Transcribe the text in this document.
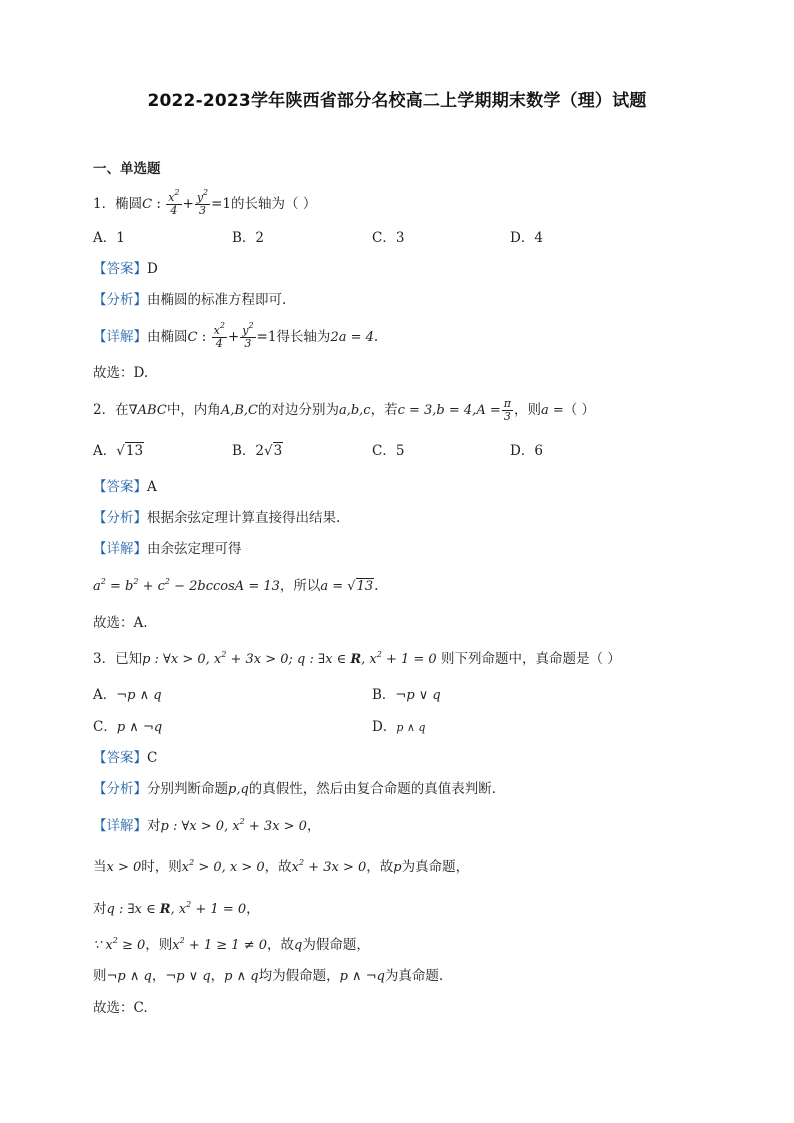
2022-2023学年陕西省部分名校高二上学期期末数学（理）试题
一、单选题
1．椭圆C : $\frac{x^2}{4} + \frac{y^2}{3} =1$的长轴为（ ）
A．1	B．2	C．3	D．4
【答案】D
【分析】由椭圆的标准方程即可.
【详解】由椭圆C : $\frac{x^2}{4} + \frac{y^2}{3} =1$得长轴为2a = 4.
故选：D.
2．在∇ABC中，内角A,B,C的对边分别为a,b,c，若$c = 3,b = 4,A = \frac{\pi}{3}$ ，则a =（ ）
A．√13	B．2√3	C．5	D．6
【答案】A
【分析】根据余弦定理计算直接得出结果.
【详解】由余弦定理可得
$a^2 = b^2 + c^2 - 2bccosA = 13$，所以a = √13.
故选：A.
3．已知p : ∀x > 0, $x^2 + 3x > 0$; q : ∃x ∈ R, $x^2 + 1 = 0$ 则下列命题中，真命题是（ ）
A．¬p ∧ q	B．¬p ∨ q
C．p ∧ ¬q	D．p ∧ q
【答案】C
【分析】分别判断命题p,q的真假性，然后由复合命题的真值表判断．
【详解】对p : ∀x > 0, $x^2 + 3x > 0$，
当x > 0时，则$x^2 > 0$, x > 0，故$x^2 + 3x > 0$，故p为真命题，
对q : ∃x ∈ R, $x^2 + 1 = 0$，
∵ $x^2 \ge 0$，则$x^2 + 1 \ge 1 \ne 0$，故q为假命题，
则¬p ∧ q，¬p ∨ q，p ∧ q均为假命题，p ∧ ¬q为真命题.
故选：C.
